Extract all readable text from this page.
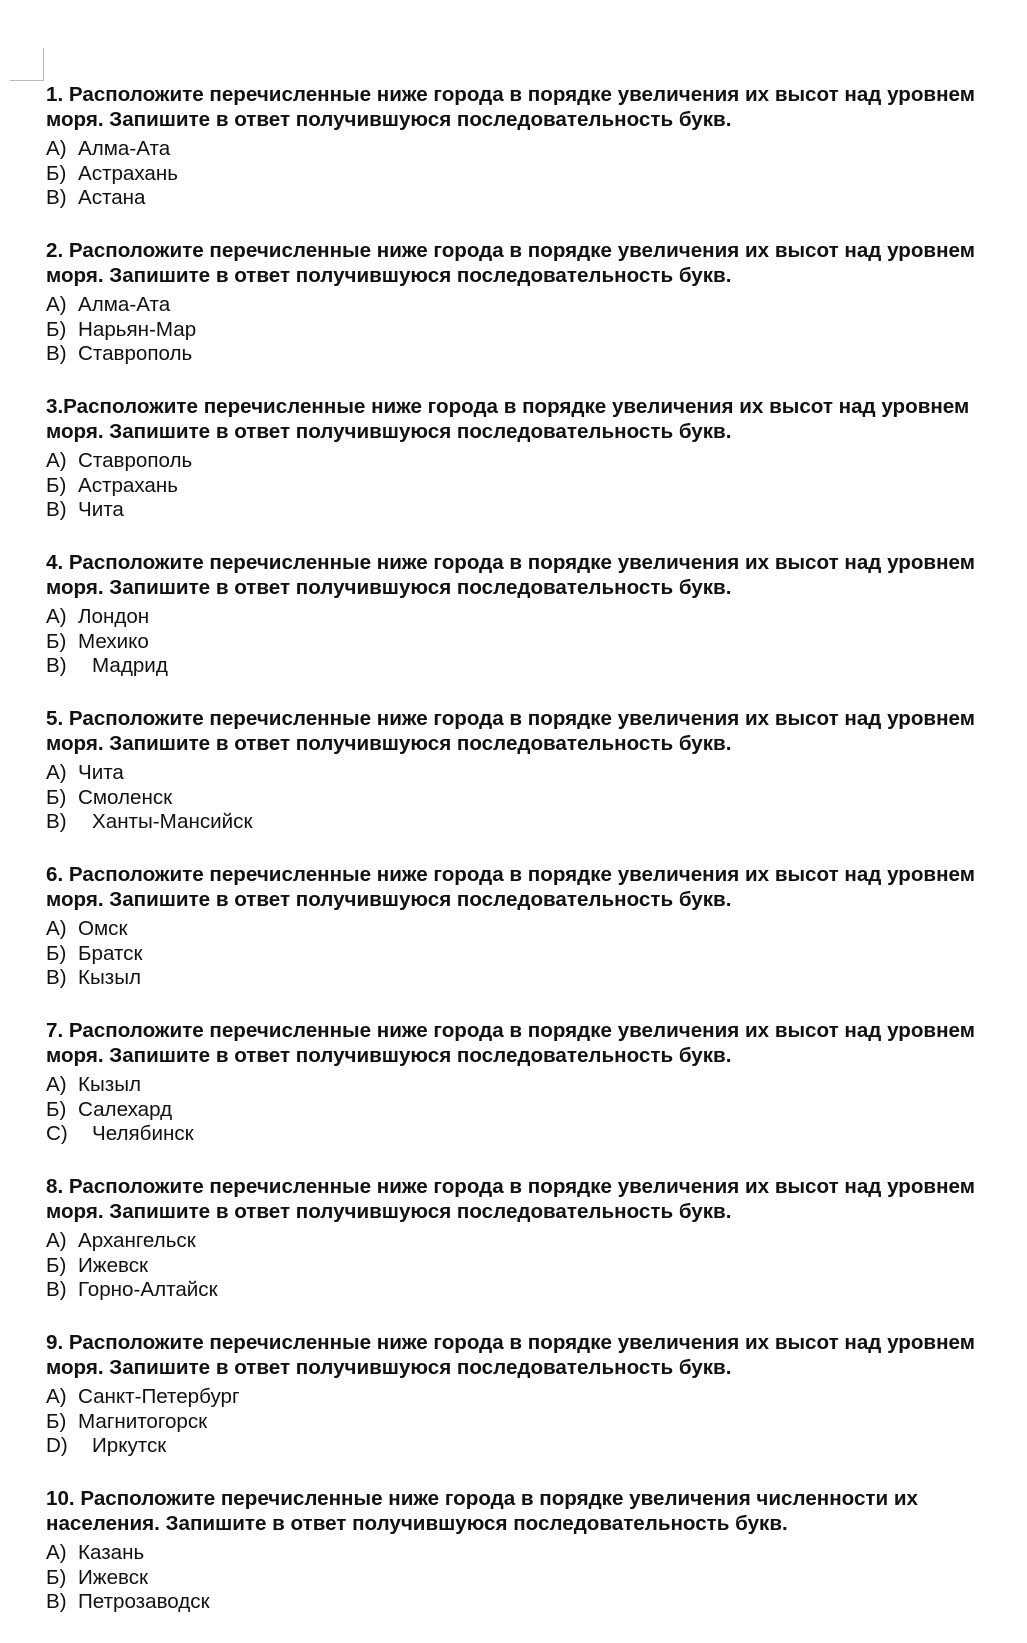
1. Расположите перечисленные ниже города в порядке увеличения их высот над уровнем
моря. Запишите в ответ получившуюся последовательность букв.
А) Алма-Ата
Б) Астрахань
В) Астана
2. Расположите перечисленные ниже города в порядке увеличения их высот над уровнем
моря. Запишите в ответ получившуюся последовательность букв.
А) Алма-Ата
Б) Нарьян-Мар
В) Ставрополь
3.Расположите перечисленные ниже города в порядке увеличения их высот над уровнем
моря. Запишите в ответ получившуюся последовательность букв.
А) Ставрополь
Б) Астрахань
В) Чита
4. Расположите перечисленные ниже города в порядке увеличения их высот над уровнем
моря. Запишите в ответ получившуюся последовательность букв.
А) Лондон
Б) Мехико
В)	Мадрид
5. Расположите перечисленные ниже города в порядке увеличения их высот над уровнем
моря. Запишите в ответ получившуюся последовательность букв.
А) Чита
Б) Смоленск
В)	Ханты-Мансийск
6. Расположите перечисленные ниже города в порядке увеличения их высот над уровнем
моря. Запишите в ответ получившуюся последовательность букв.
А) Омск
Б) Братск
В) Кызыл
7. Расположите перечисленные ниже города в порядке увеличения их высот над уровнем
моря. Запишите в ответ получившуюся последовательность букв.
А) Кызыл
Б) Салехард
С)	Челябинск
8. Расположите перечисленные ниже города в порядке увеличения их высот над уровнем
моря. Запишите в ответ получившуюся последовательность букв.
А) Архангельск
Б) Ижевск
В) Горно-Алтайск
9. Расположите перечисленные ниже города в порядке увеличения их высот над уровнем
моря. Запишите в ответ получившуюся последовательность букв.
А) Санкт-Петербург
Б) Магнитогорск
D)	Иркутск
10. Расположите перечисленные ниже города в порядке увеличения численности их
населения. Запишите в ответ получившуюся последовательность букв.
А) Казань
Б) Ижевск
В) Петрозаводск
